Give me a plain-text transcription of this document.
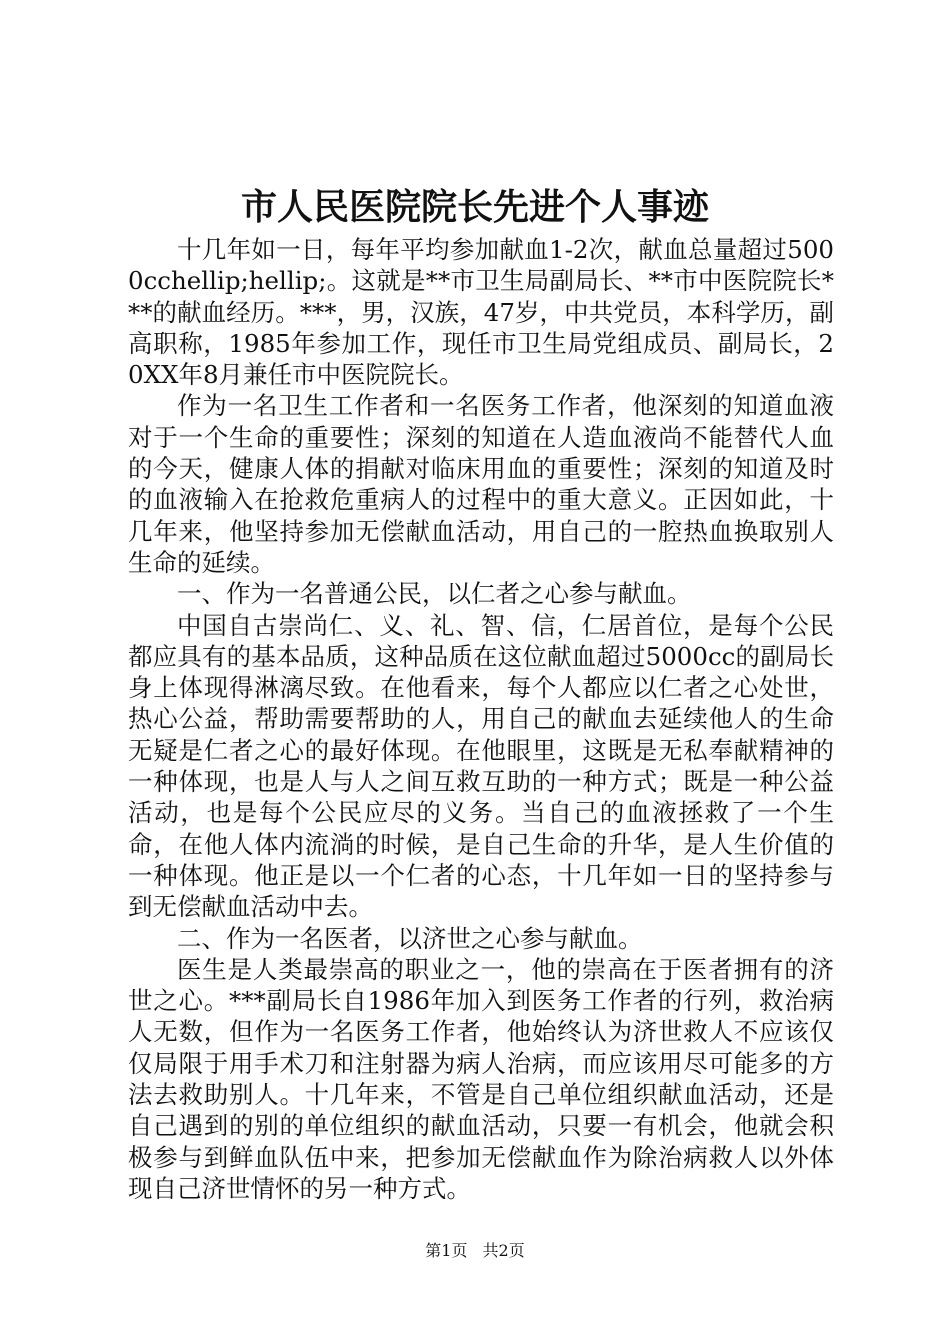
市人民医院院长先进个人事迹

十几年如一日，每年平均参加献血1-2次，献血总量超过5000cchellip;hellip;。这就是**市卫生局副局长、**市中医院院长***的献血经历。***，男，汉族，47岁，中共党员，本科学历，副高职称，1985年参加工作，现任市卫生局党组成员、副局长，20XX年8月兼任市中医院院长。

作为一名卫生工作者和一名医务工作者，他深刻的知道血液对于一个生命的重要性；深刻的知道在人造血液尚不能替代人血的今天，健康人体的捐献对临床用血的重要性；深刻的知道及时的血液输入在抢救危重病人的过程中的重大意义。正因如此，十几年来，他坚持参加无偿献血活动，用自己的一腔热血换取别人生命的延续。

一、作为一名普通公民，以仁者之心参与献血。

中国自古崇尚仁、义、礼、智、信，仁居首位，是每个公民都应具有的基本品质，这种品质在这位献血超过5000cc的副局长身上体现得淋漓尽致。在他看来，每个人都应以仁者之心处世，热心公益，帮助需要帮助的人，用自己的献血去延续他人的生命无疑是仁者之心的最好体现。在他眼里，这既是无私奉献精神的一种体现，也是人与人之间互救互助的一种方式；既是一种公益活动，也是每个公民应尽的义务。当自己的血液拯救了一个生命，在他人体内流淌的时候，是自己生命的升华，是人生价值的一种体现。他正是以一个仁者的心态，十几年如一日的坚持参与到无偿献血活动中去。

二、作为一名医者，以济世之心参与献血。

医生是人类最崇高的职业之一，他的崇高在于医者拥有的济世之心。***副局长自1986年加入到医务工作者的行列，救治病人无数，但作为一名医务工作者，他始终认为济世救人不应该仅仅局限于用手术刀和注射器为病人治病，而应该用尽可能多的方法去救助别人。十几年来，不管是自己单位组织献血活动，还是自己遇到的别的单位组织的献血活动，只要一有机会，他就会积极参与到鲜血队伍中来，把参加无偿献血作为除治病救人以外体现自己济世情怀的另一种方式。

第1页 共2页
